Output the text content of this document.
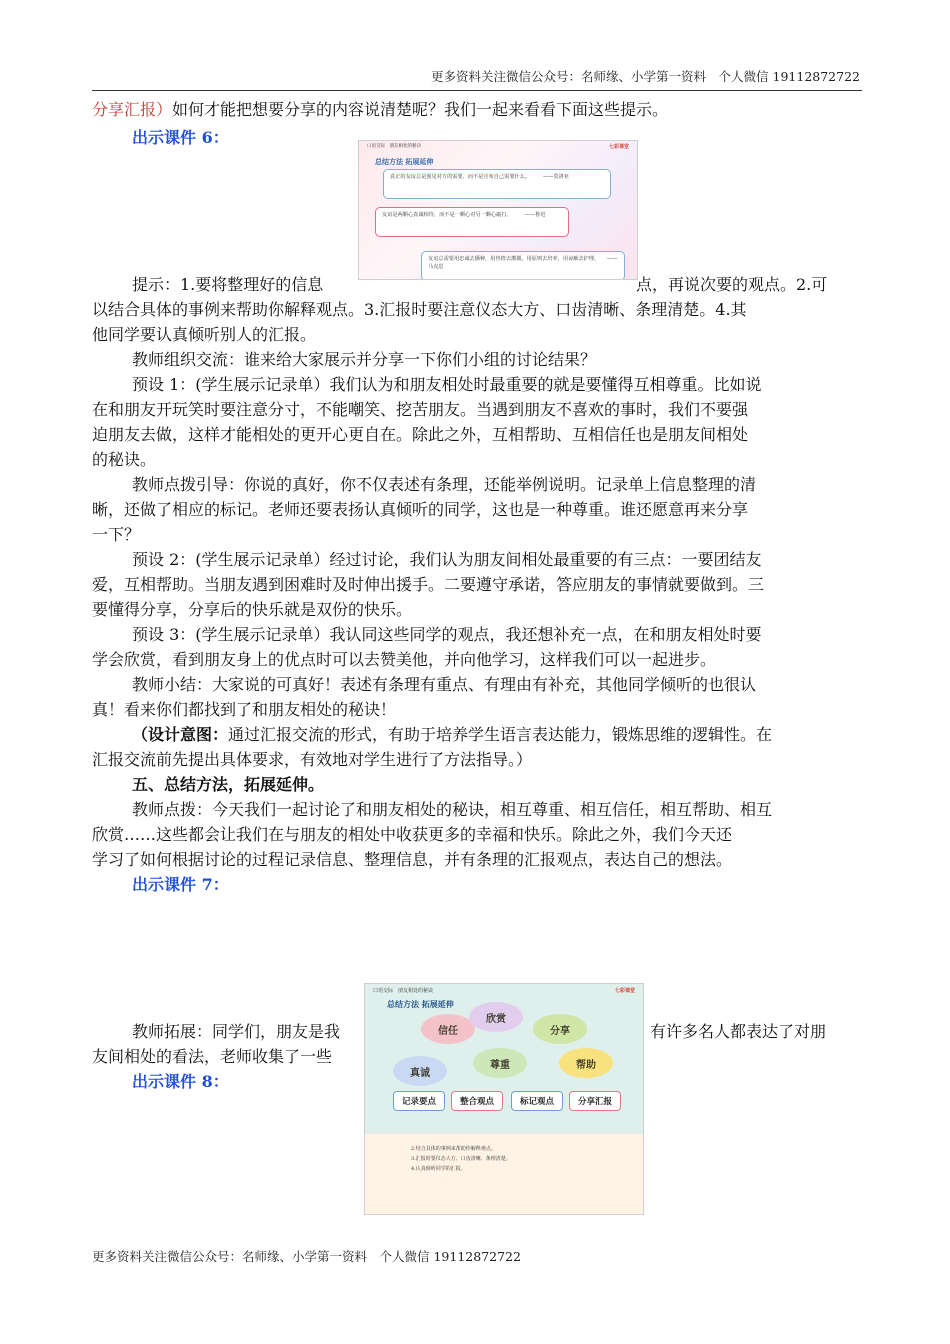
更多资料关注微信公众号：名师缘、小学第一资料　个人微信 19112872722
分享汇报）如何才能把想要分享的内容说清楚呢？我们一起来看看下面这些提示。
出示课件 6：	口语交际　朋友相处的秘诀	七彩课堂
总结方法 拓展延伸
真正的友谊总是预见对方的需要，而不是宣布自己需要什么。　　　——莫洛亚
友谊是两颗心真诚相待，而不是一颗心对另一颗心敲打。　　　——鲁迅
友谊总需要用忠诚去播种，用热情去灌溉，用原则去培养，用谅解去护理。　　——马克思
提示：1.要将整理好的信息	点，再说次要的观点。2.可
以结合具体的事例来帮助你解释观点。3.汇报时要注意仪态大方、口齿清晰、条理清楚。4.其
他同学要认真倾听别人的汇报。
教师组织交流：谁来给大家展示并分享一下你们小组的讨论结果？
预设 1：(学生展示记录单）我们认为和朋友相处时最重要的就是要懂得互相尊重。比如说
在和朋友开玩笑时要注意分寸，不能嘲笑、挖苦朋友。当遇到朋友不喜欢的事时，我们不要强
迫朋友去做，这样才能相处的更开心更自在。除此之外，互相帮助、互相信任也是朋友间相处
的秘诀。
教师点拨引导：你说的真好，你不仅表述有条理，还能举例说明。记录单上信息整理的清
晰，还做了相应的标记。老师还要表扬认真倾听的同学，这也是一种尊重。谁还愿意再来分享
一下？
预设 2：(学生展示记录单）经过讨论，我们认为朋友间相处最重要的有三点：一要团结友
爱，互相帮助。当朋友遇到困难时及时伸出援手。二要遵守承诺，答应朋友的事情就要做到。三
要懂得分享，分享后的快乐就是双份的快乐。
预设 3：(学生展示记录单）我认同这些同学的观点，我还想补充一点，在和朋友相处时要
学会欣赏，看到朋友身上的优点时可以去赞美他，并向他学习，这样我们可以一起进步。
教师小结：大家说的可真好！表述有条理有重点、有理由有补充，其他同学倾听的也很认
真！看来你们都找到了和朋友相处的秘诀！
（设计意图：通过汇报交流的形式，有助于培养学生语言表达能力，锻炼思维的逻辑性。在
汇报交流前先提出具体要求，有效地对学生进行了方法指导。）
五、总结方法，拓展延伸。
教师点拨：今天我们一起讨论了和朋友相处的秘诀，相互尊重、相互信任，相互帮助、相互
欣赏……这些都会让我们在与朋友的相处中收获更多的幸福和快乐。除此之外，我们今天还
学习了如何根据讨论的过程记录信息、整理信息，并有条理的汇报观点，表达自己的想法。
出示课件 7：
教师拓展：同学们，朋友是我	有许多名人都表达了对朋
友间相处的看法，老师收集了一些
出示课件 8：
口语交际　朋友相处的秘诀	七彩课堂
总结方法 拓展延伸
信任
欣赏
分享
真诚
尊重	帮助
记录要点	整合观点	标记观点	分享汇报
2.结合具体的事例来帮助你解释观点。
3.汇报时要仪态大方、口齿清晰、条理清楚。
4.认真倾听同学的汇报。
更多资料关注微信公众号：名师缘、小学第一资料　个人微信 19112872722
